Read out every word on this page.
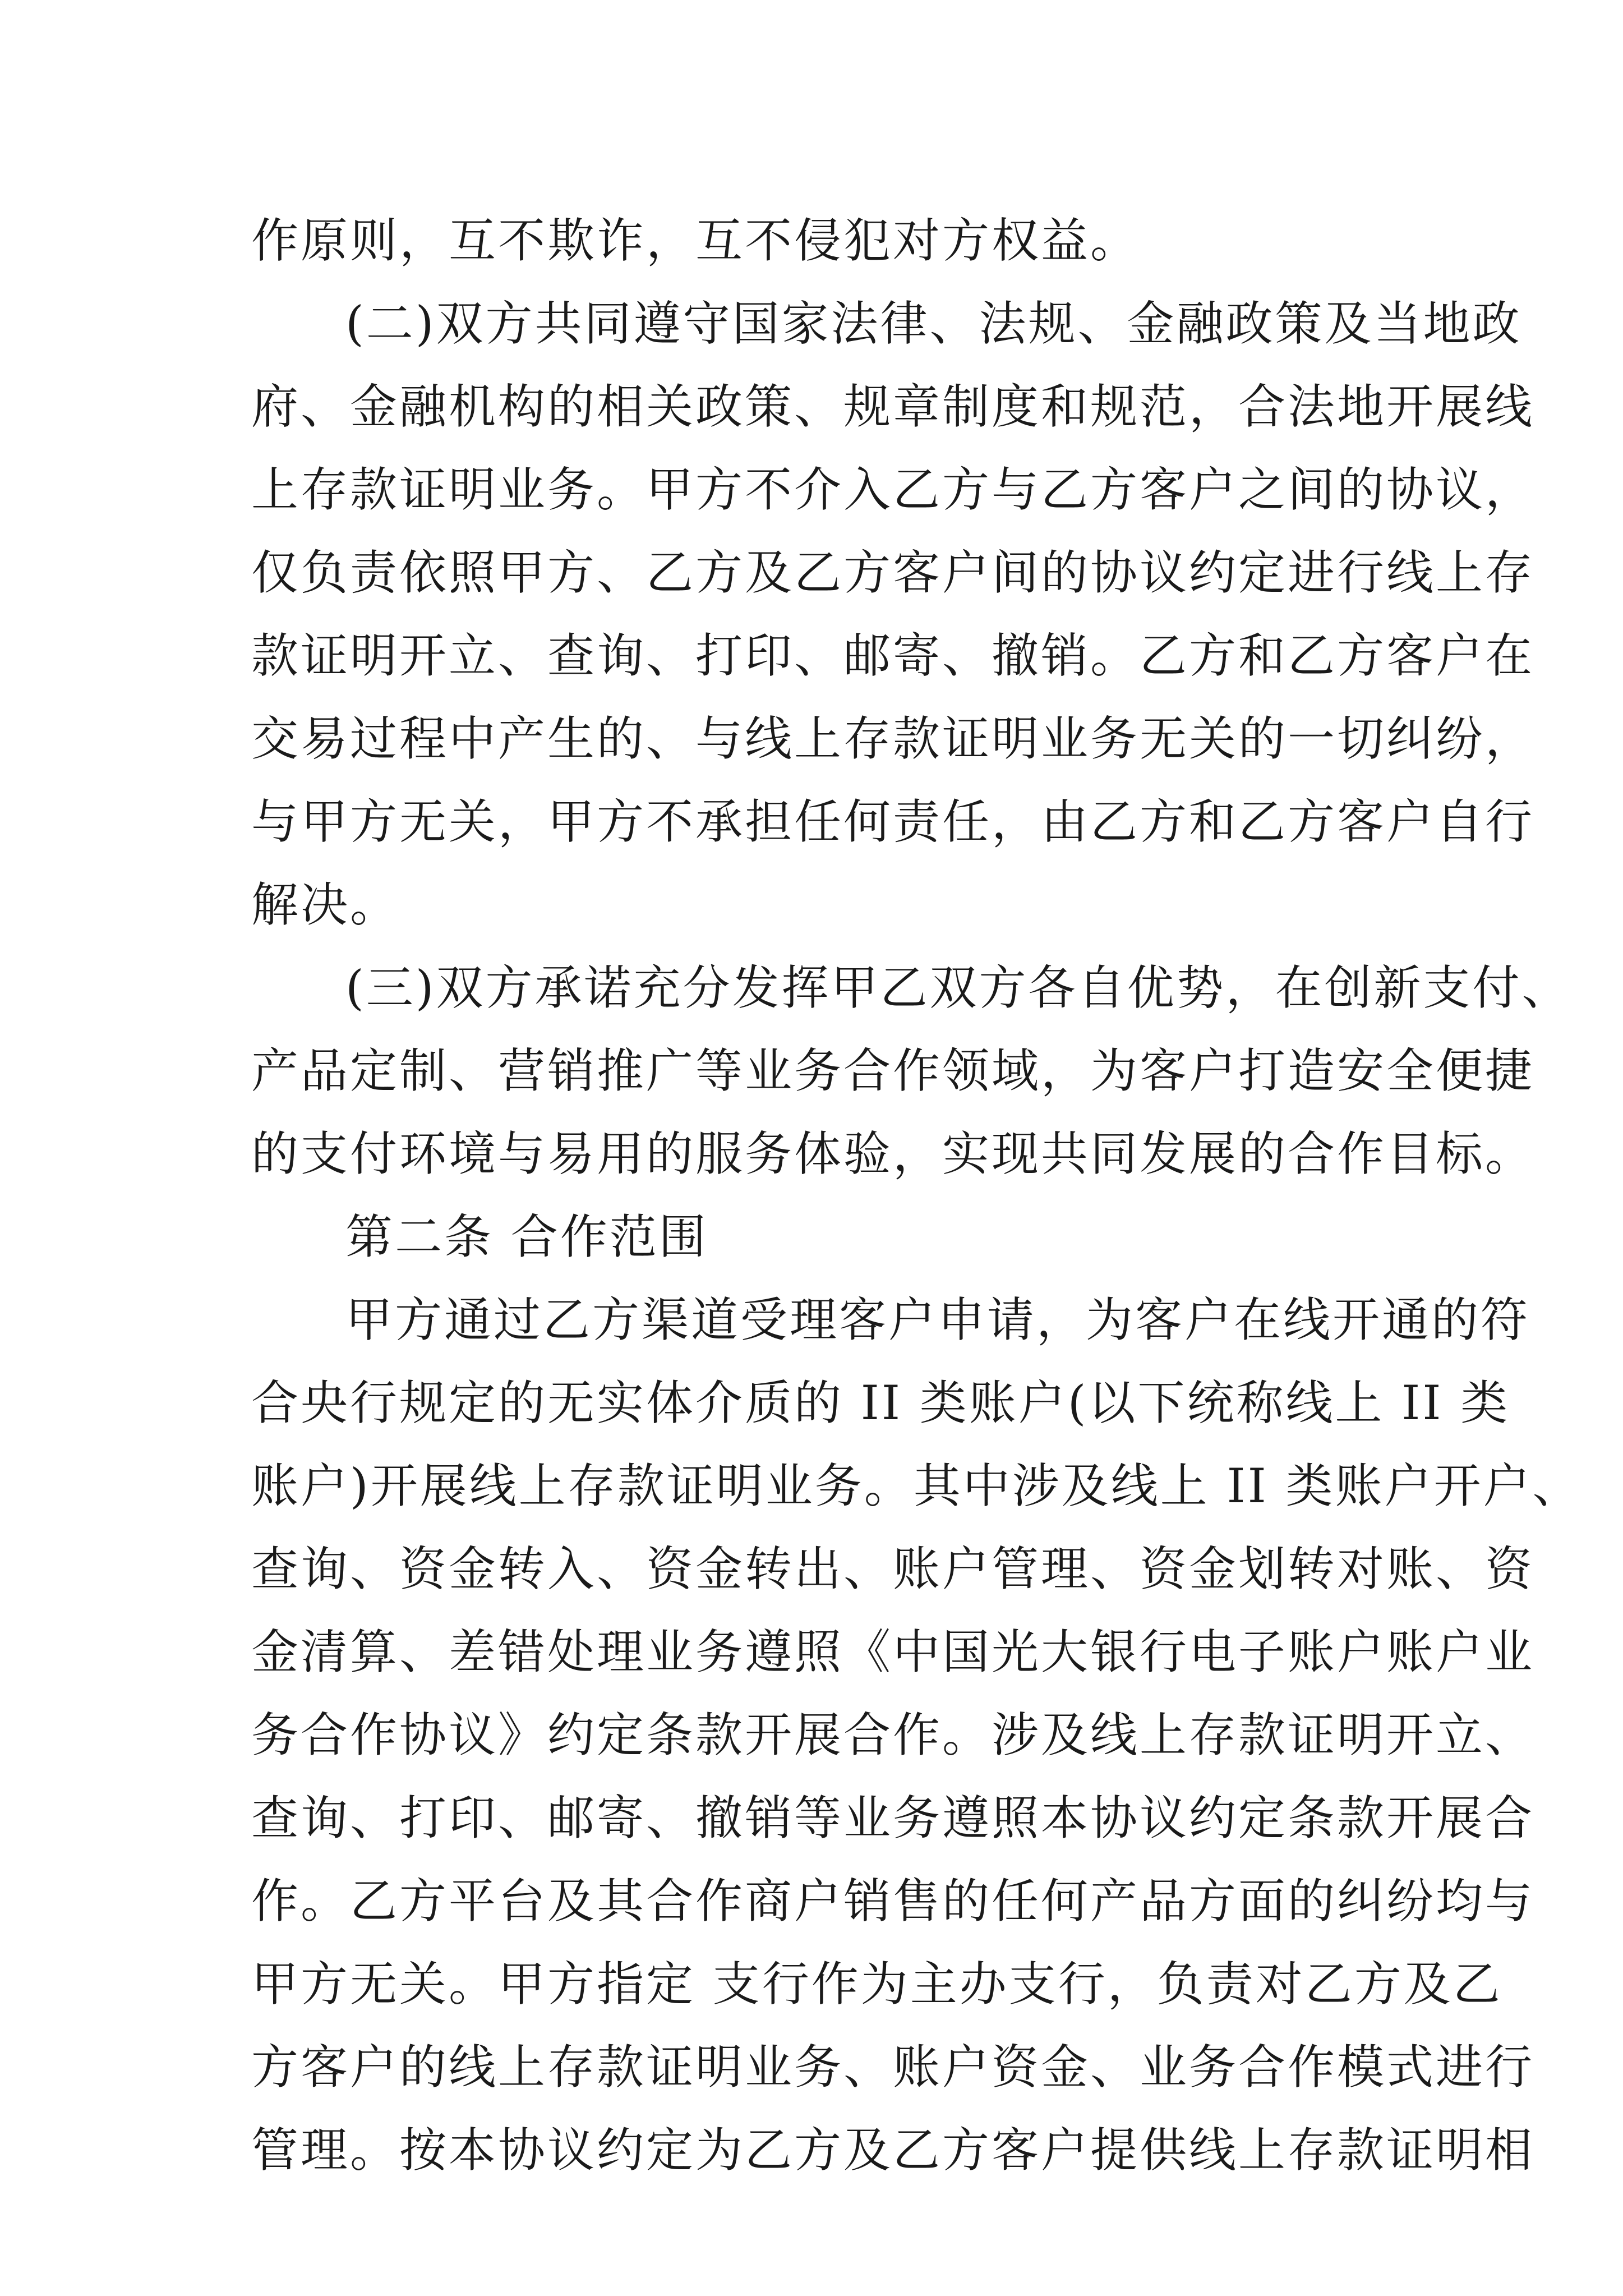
作原则，互不欺诈，互不侵犯对方权益。
(二)双方共同遵守国家法律、法规、金融政策及当地政
府、金融机构的相关政策、规章制度和规范，合法地开展线
上存款证明业务。甲方不介入乙方与乙方客户之间的协议，
仅负责依照甲方、乙方及乙方客户间的协议约定进行线上存
款证明开立、查询、打印、邮寄、撤销。乙方和乙方客户在
交易过程中产生的、与线上存款证明业务无关的一切纠纷，
与甲方无关，甲方不承担任何责任，由乙方和乙方客户自行
解决。
(三)双方承诺充分发挥甲乙双方各自优势，在创新支付、
产品定制、营销推广等业务合作领域，为客户打造安全便捷
的支付环境与易用的服务体验，实现共同发展的合作目标。
第二条 合作范围
甲方通过乙方渠道受理客户申请，为客户在线开通的符
合央行规定的无实体介质的 II 类账户(以下统称线上 II 类
账户)开展线上存款证明业务。其中涉及线上 II 类账户开户、
查询、资金转入、资金转出、账户管理、资金划转对账、资
金清算、差错处理业务遵照《中国光大银行电子账户账户业
务合作协议》约定条款开展合作。涉及线上存款证明开立、
查询、打印、邮寄、撤销等业务遵照本协议约定条款开展合
作。乙方平台及其合作商户销售的任何产品方面的纠纷均与
甲方无关。甲方指定 支行作为主办支行，负责对乙方及乙
方客户的线上存款证明业务、账户资金、业务合作模式进行
管理。按本协议约定为乙方及乙方客户提供线上存款证明相
